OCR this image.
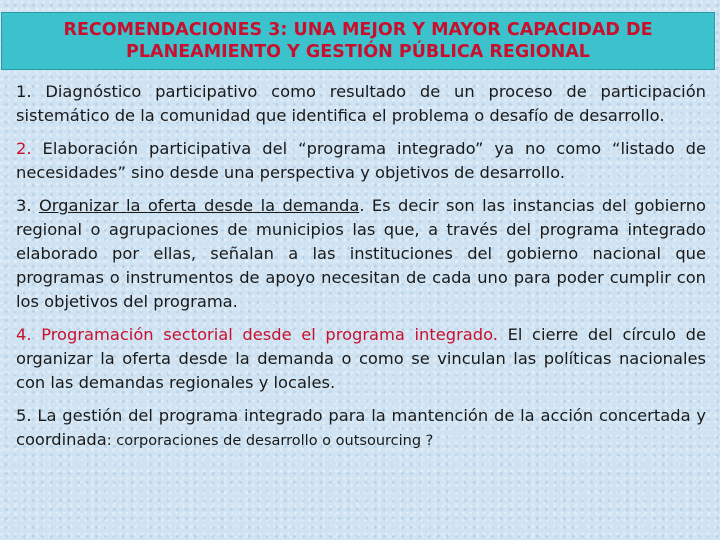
RECOMENDACIONES 3: UNA MEJOR Y MAYOR CAPACIDAD DE
PLANEAMIENTO Y GESTIÓN PÚBLICA REGIONAL

1. Diagnóstico participativo como resultado de un proceso de participación sistemático de la comunidad que identifica el problema o desafío de desarrollo.

2. Elaboración participativa del “programa integrado” ya no como “listado de necesidades” sino desde una perspectiva y objetivos de desarrollo.

3. Organizar la oferta desde la demanda. Es decir son las instancias del gobierno regional o agrupaciones de municipios las que, a través del programa integrado elaborado por ellas, señalan a las instituciones del gobierno nacional que programas o instrumentos de apoyo necesitan de cada uno para poder cumplir con los objetivos del programa.

4. Programación sectorial desde el programa integrado. El cierre del círculo de organizar la oferta desde la demanda o como se vinculan las políticas nacionales con las demandas regionales y locales.

5. La gestión del programa integrado para la mantención de la acción concertada y coordinada: corporaciones de desarrollo o outsourcing ?
